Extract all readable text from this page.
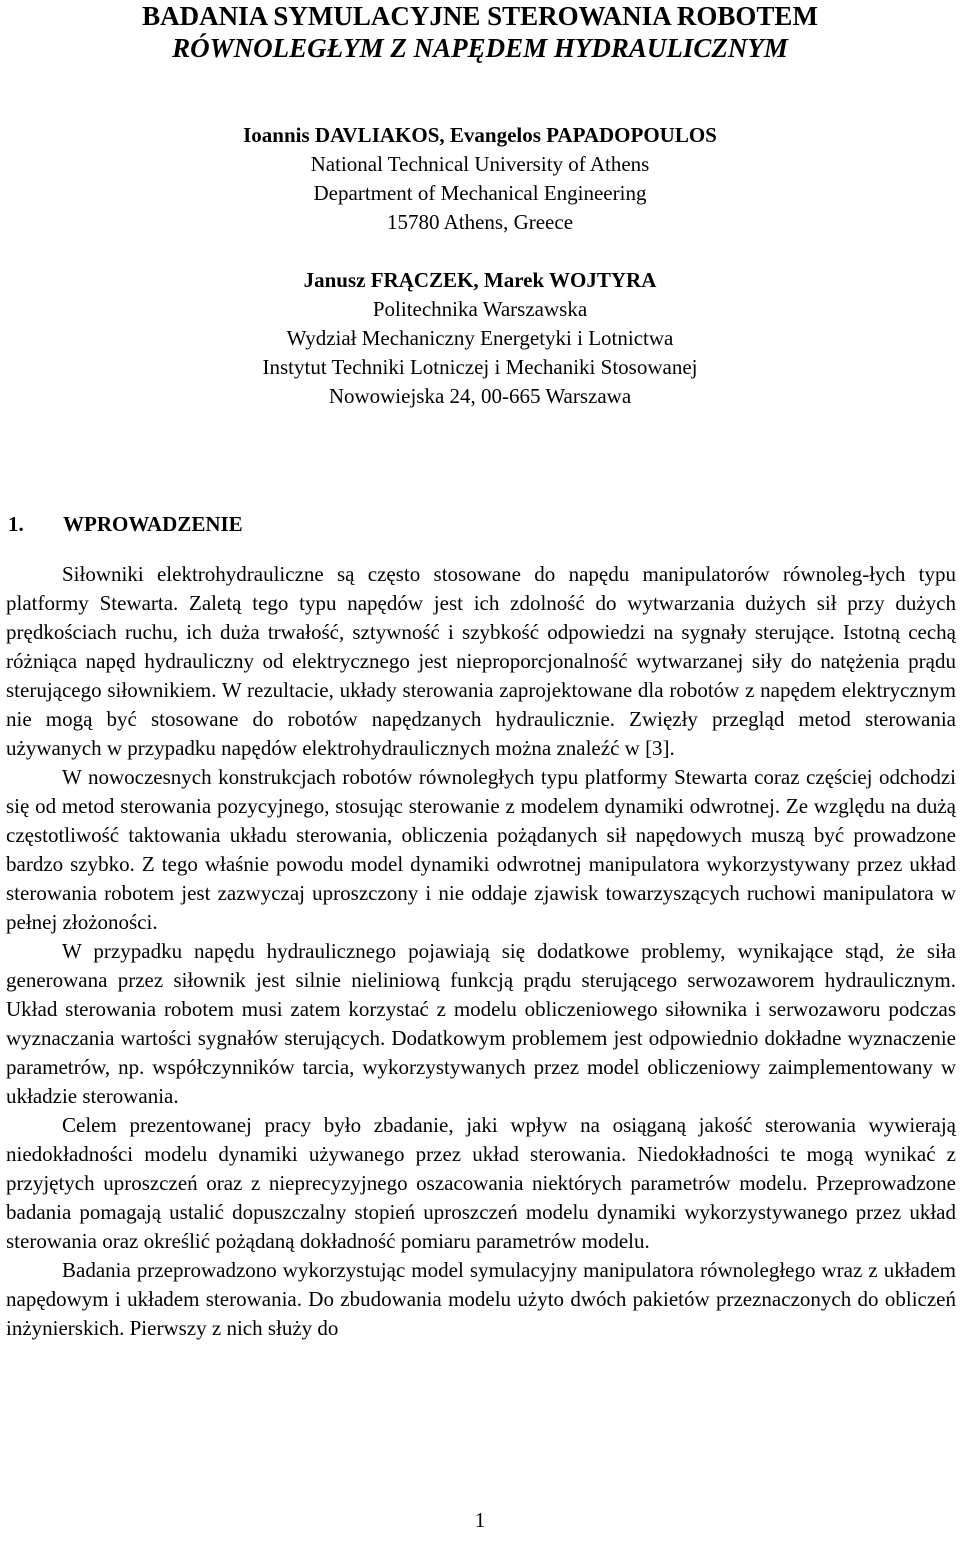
BADANIA SYMULACYJNE STEROWANIA ROBOTEM
RÓWNOLEGŁYM Z NAPĘDEM HYDRAULICZNYM
Ioannis DAVLIAKOS, Evangelos PAPADOPOULOS
National Technical University of Athens
Department of Mechanical Engineering
15780 Athens, Greece
Janusz FRĄCZEK, Marek WOJTYRA
Politechnika Warszawska
Wydział Mechaniczny Energetyki i Lotnictwa
Instytut Techniki Lotniczej i Mechaniki Stosowanej
Nowowiejska 24, 00-665 Warszawa
1. WPROWADZENIE

Siłowniki elektrohydrauliczne są często stosowane do napędu manipulatorów równoleg-łych typu platformy Stewarta. Zaletą tego typu napędów jest ich zdolność do wytwarzania dużych sił przy dużych prędkościach ruchu, ich duża trwałość, sztywność i szybkość odpowiedzi na sygnały sterujące. Istotną cechą różniąca napęd hydrauliczny od elektrycznego jest nieproporcjonalność wytwarzanej siły do natężenia prądu sterującego siłownikiem. W rezultacie, układy sterowania zaprojektowane dla robotów z napędem elektrycznym nie mogą być stosowane do robotów napędzanych hydraulicznie. Zwięzły przegląd metod sterowania używanych w przypadku napędów elektrohydraulicznych można znaleźć w [3].

W nowoczesnych konstrukcjach robotów równoległych typu platformy Stewarta coraz częściej odchodzi się od metod sterowania pozycyjnego, stosując sterowanie z modelem dynamiki odwrotnej. Ze względu na dużą częstotliwość taktowania układu sterowania, obliczenia pożądanych sił napędowych muszą być prowadzone bardzo szybko. Z tego właśnie powodu model dynamiki odwrotnej manipulatora wykorzystywany przez układ sterowania robotem jest zazwyczaj uproszczony i nie oddaje zjawisk towarzyszących ruchowi manipulatora w pełnej złożoności.

W przypadku napędu hydraulicznego pojawiają się dodatkowe problemy, wynikające stąd, że siła generowana przez siłownik jest silnie nieliniową funkcją prądu sterującego serwozaworem hydraulicznym. Układ sterowania robotem musi zatem korzystać z modelu obliczeniowego siłownika i serwozaworu podczas wyznaczania wartości sygnałów sterujących. Dodatkowym problemem jest odpowiednio dokładne wyznaczenie parametrów, np. współczynników tarcia, wykorzystywanych przez model obliczeniowy zaimplementowany w układzie sterowania.

Celem prezentowanej pracy było zbadanie, jaki wpływ na osiąganą jakość sterowania wywierają niedokładności modelu dynamiki używanego przez układ sterowania. Niedokładności te mogą wynikać z przyjętych uproszczeń oraz z nieprecyzyjnego oszacowania niektórych parametrów modelu. Przeprowadzone badania pomagają ustalić dopuszczalny stopień uproszczeń modelu dynamiki wykorzystywanego przez układ sterowania oraz określić pożądaną dokładność pomiaru parametrów modelu.

Badania przeprowadzono wykorzystując model symulacyjny manipulatora równoległego wraz z układem napędowym i układem sterowania. Do zbudowania modelu użyto dwóch pakietów przeznaczonych do obliczeń inżynierskich. Pierwszy z nich służy do

1
